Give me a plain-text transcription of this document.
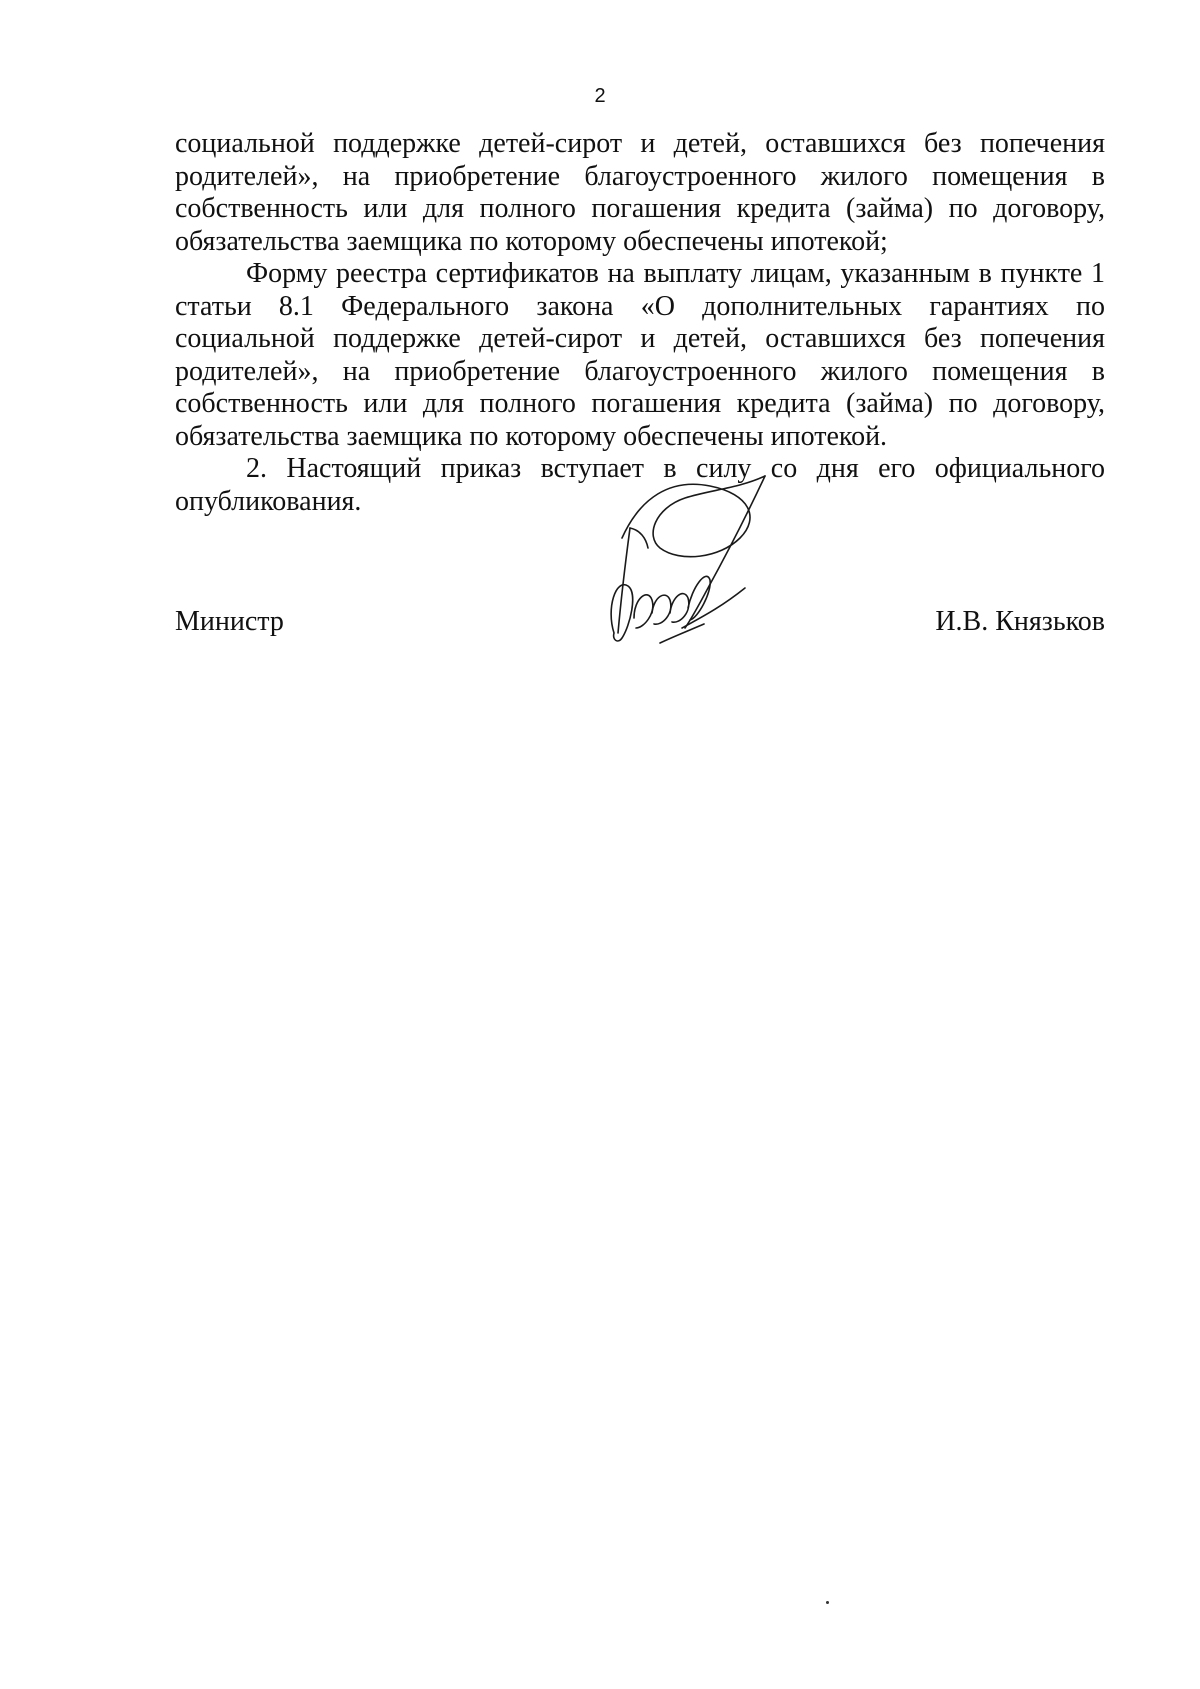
2

социальной поддержке детей-сирот и детей, оставшихся без попечения родителей», на приобретение благоустроенного жилого помещения в собственность или для полного погашения кредита (займа) по договору, обязательства заемщика по которому обеспечены ипотекой;

Форму реестра сертификатов на выплату лицам, указанным в пункте 1 статьи 8.1 Федерального закона «О дополнительных гарантиях по социальной поддержке детей-сирот и детей, оставшихся без попечения родителей», на приобретение благоустроенного жилого помещения в собственность или для полного погашения кредита (займа) по договору, обязательства заемщика по которому обеспечены ипотекой.

2. Настоящий приказ вступает в силу со дня его официального опубликования.

Министр	И.В. Князьков
